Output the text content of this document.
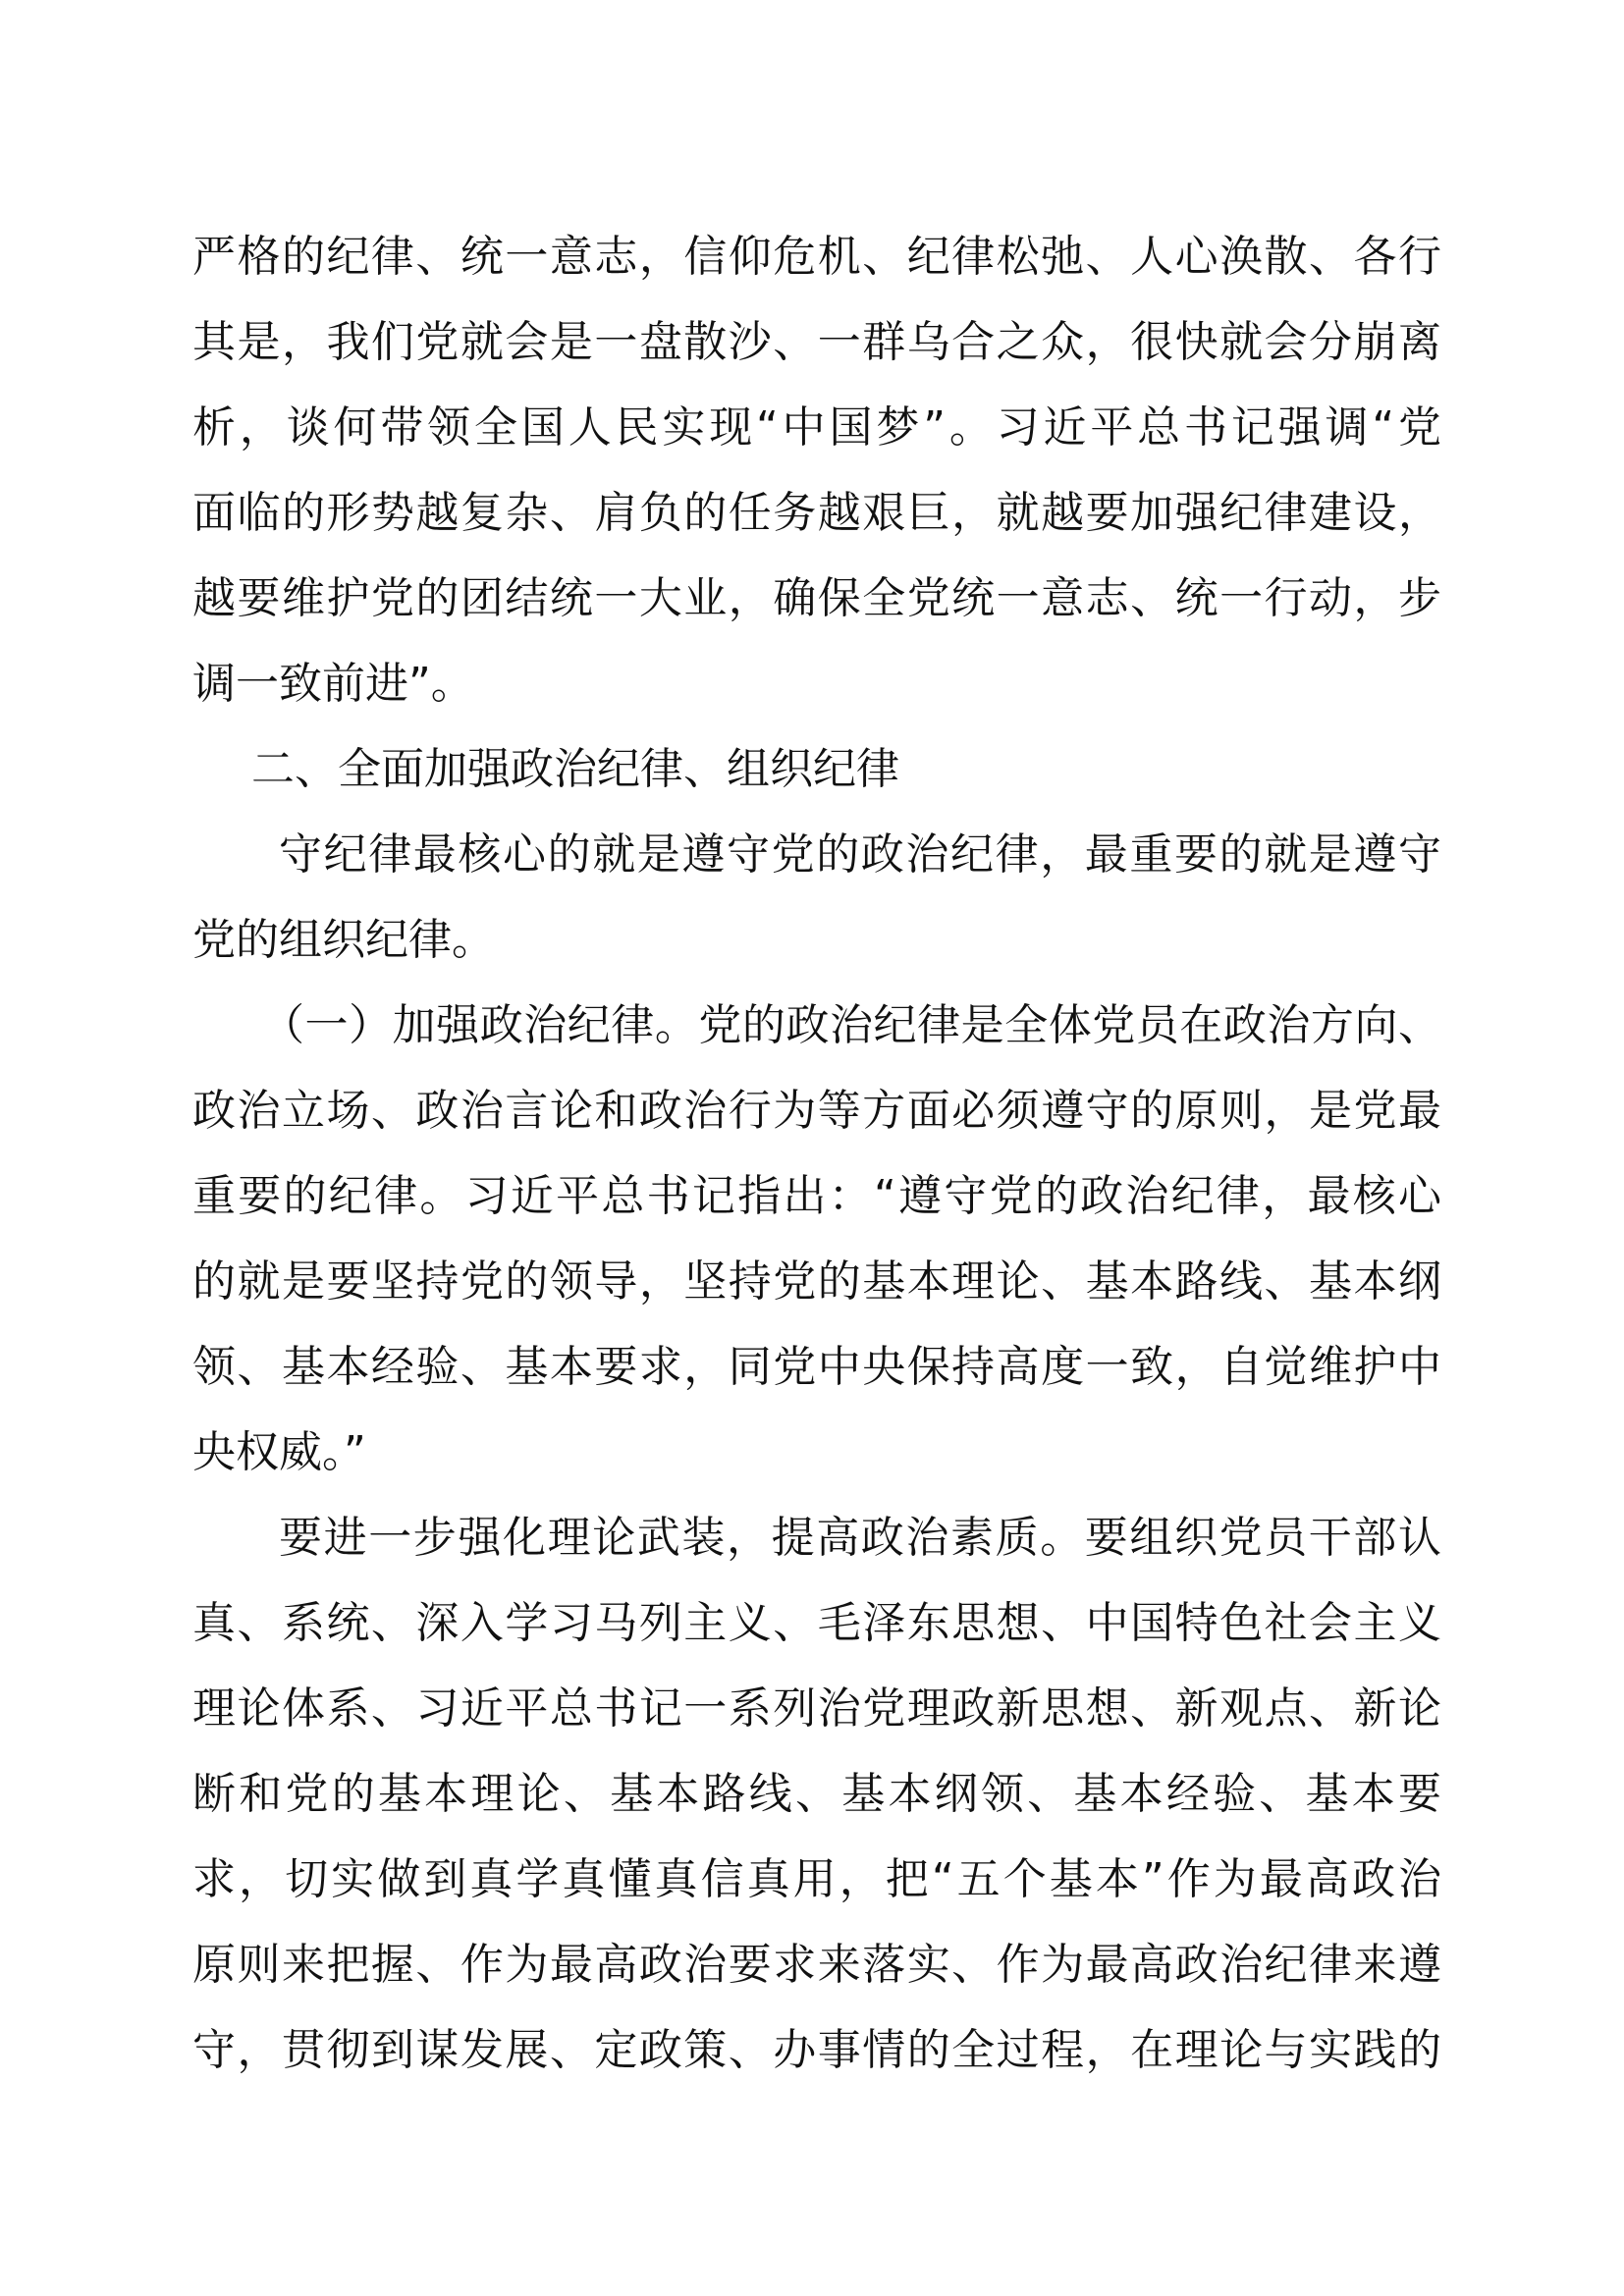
严格的纪律、统一意志，信仰危机、纪律松弛、人心涣散、各行
其是，我们党就会是一盘散沙、一群乌合之众，很快就会分崩离
析，谈何带领全国人民实现“中国梦”。习近平总书记强调“党
面临的形势越复杂、肩负的任务越艰巨，就越要加强纪律建设，
越要维护党的团结统一大业，确保全党统一意志、统一行动，步
调一致前进”。
二、全面加强政治纪律、组织纪律
守纪律最核心的就是遵守党的政治纪律，最重要的就是遵守
党的组织纪律。
（一）加强政治纪律。党的政治纪律是全体党员在政治方向、
政治立场、政治言论和政治行为等方面必须遵守的原则，是党最
重要的纪律。习近平总书记指出：“遵守党的政治纪律，最核心
的就是要坚持党的领导，坚持党的基本理论、基本路线、基本纲
领、基本经验、基本要求，同党中央保持高度一致，自觉维护中
央权威。”
要进一步强化理论武装，提高政治素质。要组织党员干部认
真、系统、深入学习马列主义、毛泽东思想、中国特色社会主义
理论体系、习近平总书记一系列治党理政新思想、新观点、新论
断和党的基本理论、基本路线、基本纲领、基本经验、基本要
求，切实做到真学真懂真信真用，把“五个基本”作为最高政治
原则来把握、作为最高政治要求来落实、作为最高政治纪律来遵
守，贯彻到谋发展、定政策、办事情的全过程，在理论与实践的
